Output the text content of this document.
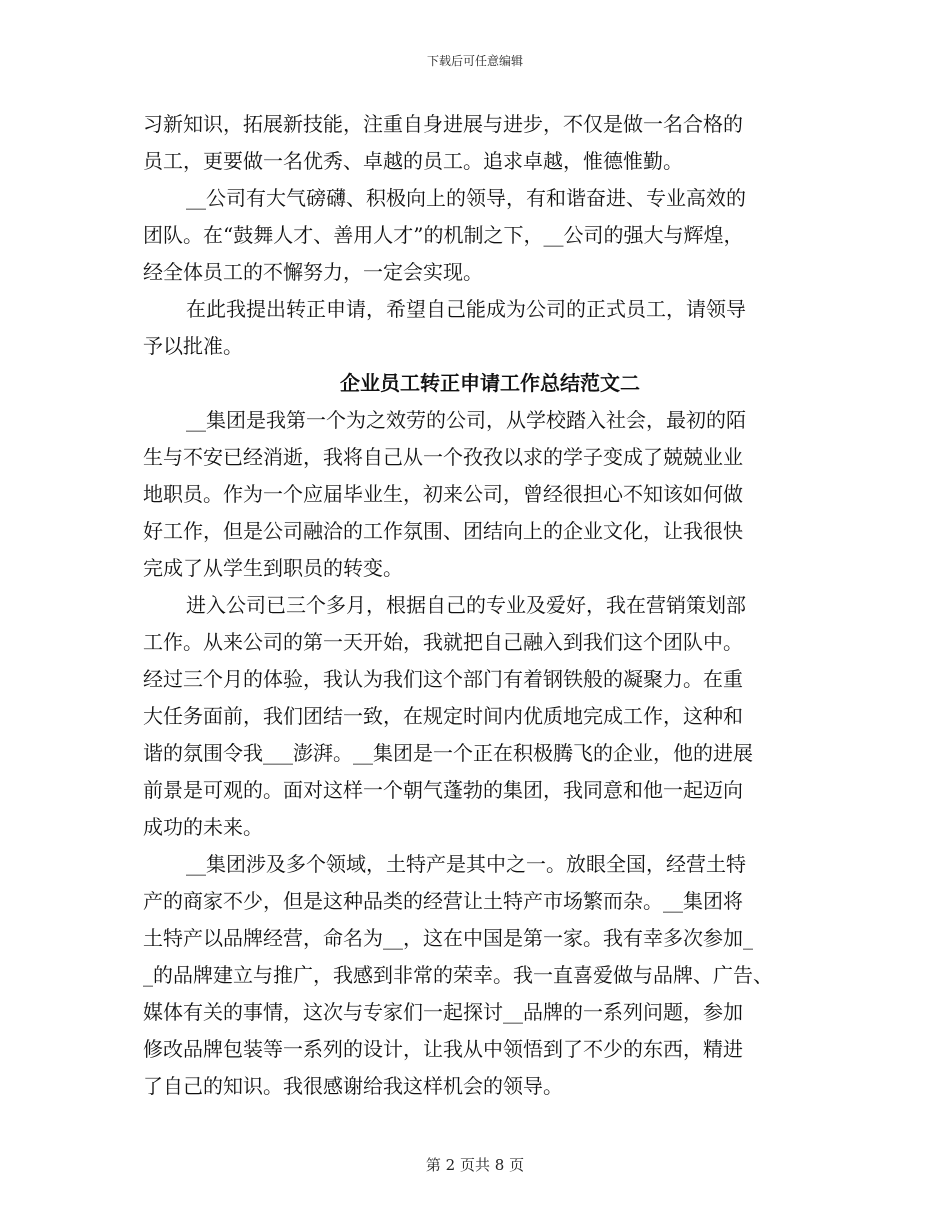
下载后可任意编辑
习新知识，拓展新技能，注重自身进展与进步，不仅是做一名合格的
员工，更要做一名优秀、卓越的员工。追求卓越，惟德惟勤。
__公司有大气磅礴、积极向上的领导，有和谐奋进、专业高效的
团队。在“鼓舞人才、善用人才”的机制之下，__公司的强大与辉煌，
经全体员工的不懈努力，一定会实现。
在此我提出转正申请，希望自己能成为公司的正式员工，请领导
予以批准。
企业员工转正申请工作总结范文二
__集团是我第一个为之效劳的公司，从学校踏入社会，最初的陌
生与不安已经消逝，我将自己从一个孜孜以求的学子变成了兢兢业业
地职员。作为一个应届毕业生，初来公司，曾经很担心不知该如何做
好工作，但是公司融洽的工作氛围、团结向上的企业文化，让我很快
完成了从学生到职员的转变。
进入公司已三个多月，根据自己的专业及爱好，我在营销策划部
工作。从来公司的第一天开始，我就把自己融入到我们这个团队中。
经过三个月的体验，我认为我们这个部门有着钢铁般的凝聚力。在重
大任务面前，我们团结一致，在规定时间内优质地完成工作，这种和
谐的氛围令我___澎湃。__集团是一个正在积极腾飞的企业，他的进展
前景是可观的。面对这样一个朝气蓬勃的集团，我同意和他一起迈向
成功的未来。
__集团涉及多个领域，土特产是其中之一。放眼全国，经营土特
产的商家不少，但是这种品类的经营让土特产市场繁而杂。__集团将
土特产以品牌经营，命名为__，这在中国是第一家。我有幸多次参加_
_的品牌建立与推广，我感到非常的荣幸。我一直喜爱做与品牌、广告、
媒体有关的事情，这次与专家们一起探讨__品牌的一系列问题，参加
修改品牌包装等一系列的设计，让我从中领悟到了不少的东西，精进
了自己的知识。我很感谢给我这样机会的领导。
第 2 页共 8 页
